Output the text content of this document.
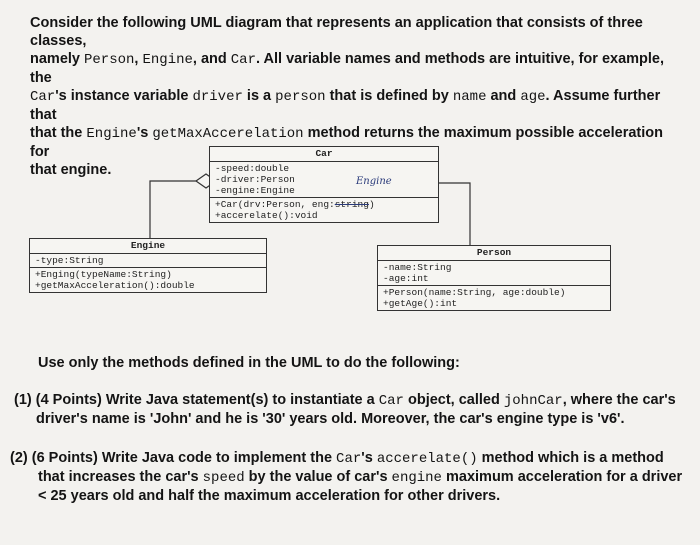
Consider the following UML diagram that represents an application that consists of three classes,
namely Person, Engine, and Car. All variable names and methods are intuitive, for example, the
Car's instance variable driver is a person that is defined by name and age. Assume further that
that the Engine's getMaxAccerelation method returns the maximum possible acceleration for
that engine.
Car
-speed:double
-driver:Person
-engine:Engine
+Car(drv:Person, eng:string)
+accerelate():void
Engine
Engine
-type:String
+Enging(typeName:String)
+getMaxAcceleration():double
Person
-name:String
-age:int
+Person(name:String, age:double)
+getAge():int
Use only the methods defined in the UML to do the following:
(1) (4 Points) Write Java statement(s) to instantiate a Car object, called johnCar, where the car's
driver's name is 'John' and he is '30' years old. Moreover, the car's engine type is 'v6'.
(2) (6 Points) Write Java code to implement the Car's accerelate() method which is a method
that increases the car's speed by the value of car's engine maximum acceleration for a driver
< 25 years old and half the maximum acceleration for other drivers.
